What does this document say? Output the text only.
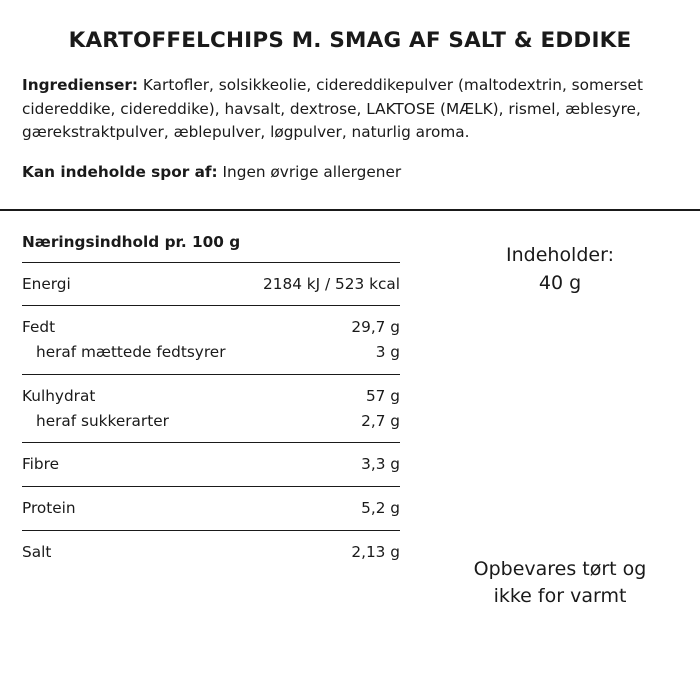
KARTOFFELCHIPS M. SMAG AF SALT & EDDIKE
Ingredienser: Kartofler, solsikkeolie, cidereddikepulver (maltodextrin, somerset cidereddike, cidereddike), havsalt, dextrose, LAKTOSE (MÆLK), rismel, æblesyre, gærekstraktpulver, æblepulver, løgpulver, naturlig aroma.
Kan indeholde spor af: Ingen øvrige allergener
Næringsindhold pr. 100 g
Energi	2184 kJ / 523 kcal
Fedt	29,7 g
heraf mættede fedtsyrer	3 g
Kulhydrat	57 g
heraf sukkerarter	2,7 g
Fibre	3,3 g
Protein	5,2 g
Salt	2,13 g
Indeholder:
40 g
Opbevares tørt og
ikke for varmt
